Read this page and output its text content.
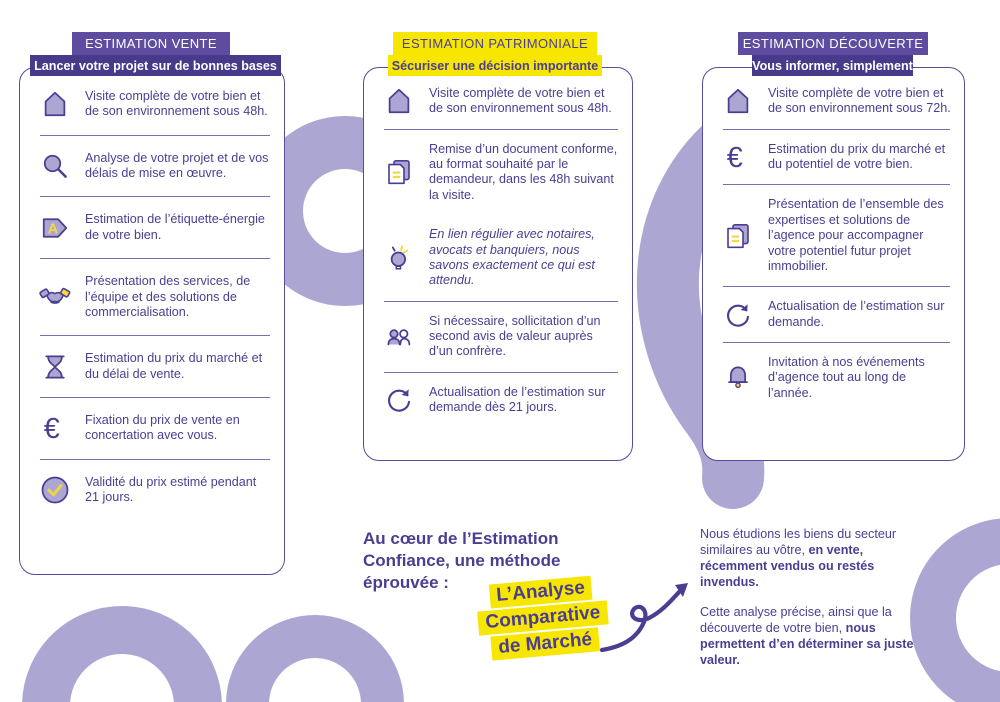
ESTIMATION VENTE
Lancer votre projet sur de bonnes bases
Visite complète de votre bien et de son environnement sous 48h.
Analyse de votre projet et de vos délais de mise en œuvre.
A
Estimation de l’étiquette-énergie de votre bien.
Présentation des services, de l’équipe et des solutions de commercialisation.
Estimation du prix du marché et du délai de vente.
€ Fixation du prix de vente en concertation avec vous.
Validité du prix estimé pendant 21 jours.
ESTIMATION PATRIMONIALE
Sécuriser une décision importante
Visite complète de votre bien et de son environnement sous 48h.
Remise d’un document conforme, au format souhaité par le demandeur, dans les 48h suivant la visite.
En lien régulier avec notaires, avocats et banquiers, nous savons exactement ce qui est attendu.
Si nécessaire, sollicitation d’un second avis de valeur auprès d’un confrère.
Actualisation de l’estimation sur demande dès 21 jours.
ESTIMATION DÉCOUVERTE
Vous informer, simplement
Visite complète de votre bien et de son environnement sous 72h.
€ Estimation du prix du marché et du potentiel de votre bien.
Présentation de l’ensemble des expertises et solutions de l’agence pour accompagner votre potentiel futur projet immobilier.
Actualisation de l’estimation sur demande.
Invitation à nos événements d’agence tout au long de l’année.
Au cœur de l’Estimation Confiance, une méthode éprouvée :	L’Analyse
Comparative
de Marché

Nous étudions les biens du secteur similaires au vôtre, en vente, récemment vendus ou restés invendus.

Cette analyse précise, ainsi que la découverte de votre bien, nous permettent d’en déterminer sa juste valeur.
